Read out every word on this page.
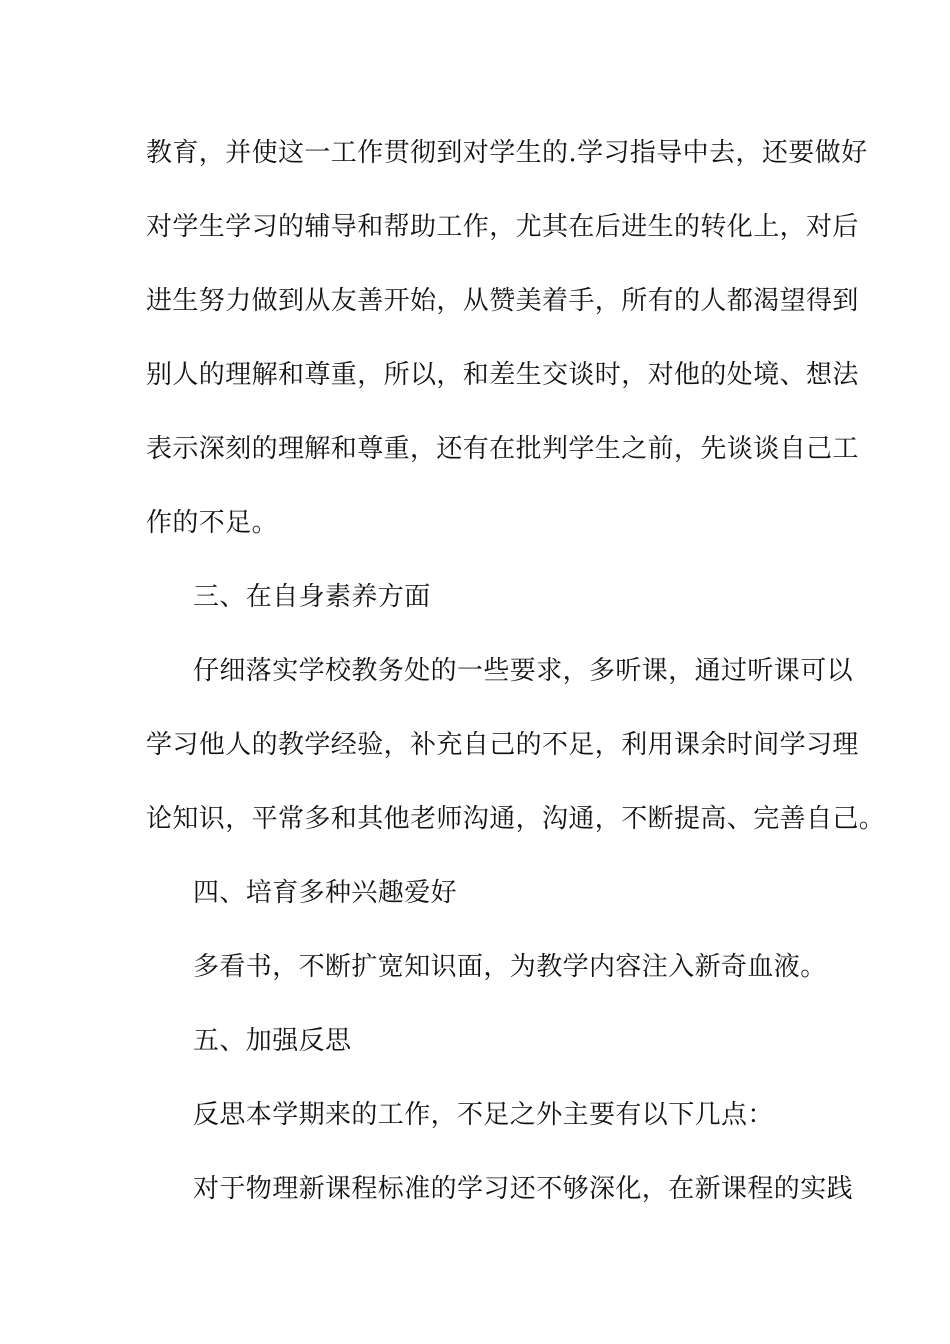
教育，并使这一工作贯彻到对学生的.学习指导中去，还要做好
对学生学习的辅导和帮助工作，尤其在后进生的转化上，对后
进生努力做到从友善开始，从赞美着手，所有的人都渴望得到
别人的理解和尊重，所以，和差生交谈时，对他的处境、想法
表示深刻的理解和尊重，还有在批判学生之前，先谈谈自己工
作的不足。
三、在自身素养方面
仔细落实学校教务处的一些要求，多听课，通过听课可以
学习他人的教学经验，补充自己的不足，利用课余时间学习理
论知识，平常多和其他老师沟通，沟通，不断提高、完善自己。
四、培育多种兴趣爱好
多看书，不断扩宽知识面，为教学内容注入新奇血液。
五、加强反思
反思本学期来的工作，不足之外主要有以下几点：
对于物理新课程标准的学习还不够深化，在新课程的实践
